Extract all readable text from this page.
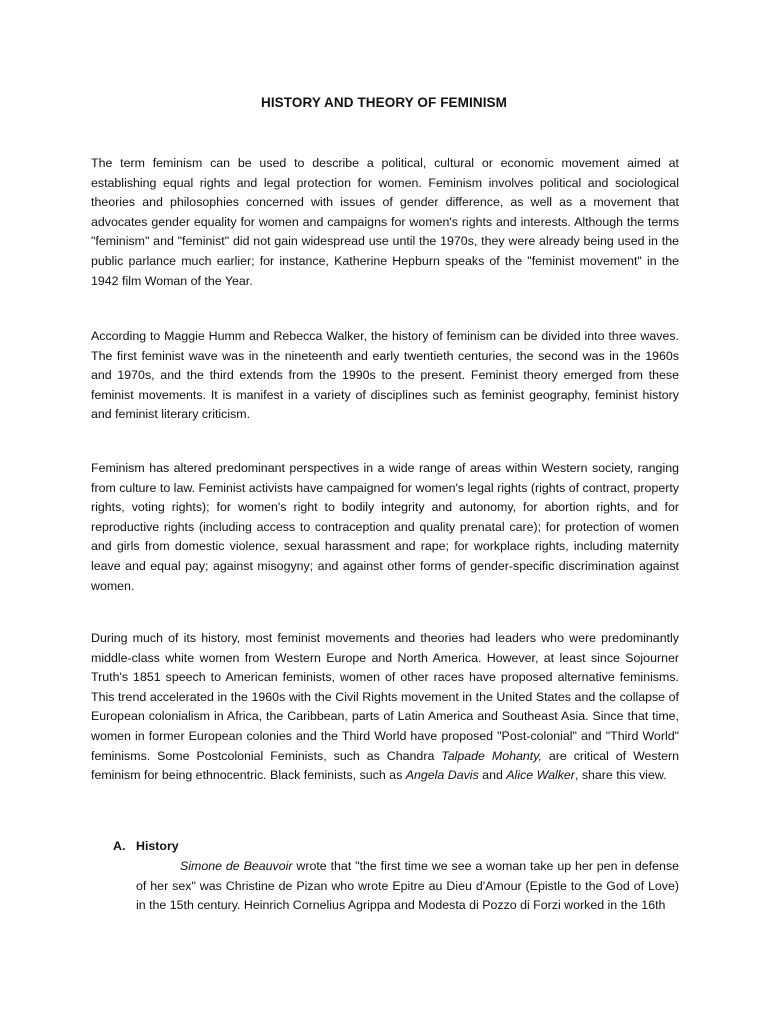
HISTORY AND THEORY OF FEMINISM
The term feminism can be used to describe a political, cultural or economic movement aimed at establishing equal rights and legal protection for women. Feminism involves political and sociological theories and philosophies concerned with issues of gender difference, as well as a movement that advocates gender equality for women and campaigns for women's rights and interests. Although the terms "feminism" and "feminist" did not gain widespread use until the 1970s, they were already being used in the public parlance much earlier; for instance, Katherine Hepburn speaks of the "feminist movement" in the 1942 film Woman of the Year.
According to Maggie Humm and Rebecca Walker, the history of feminism can be divided into three waves. The first feminist wave was in the nineteenth and early twentieth centuries, the second was in the 1960s and 1970s, and the third extends from the 1990s to the present. Feminist theory emerged from these feminist movements. It is manifest in a variety of disciplines such as feminist geography, feminist history and feminist literary criticism.
Feminism has altered predominant perspectives in a wide range of areas within Western society, ranging from culture to law. Feminist activists have campaigned for women's legal rights (rights of contract, property rights, voting rights); for women's right to bodily integrity and autonomy, for abortion rights, and for reproductive rights (including access to contraception and quality prenatal care); for protection of women and girls from domestic violence, sexual harassment and rape; for workplace rights, including maternity leave and equal pay; against misogyny; and against other forms of gender-specific discrimination against women.
During much of its history, most feminist movements and theories had leaders who were predominantly middle-class white women from Western Europe and North America. However, at least since Sojourner Truth's 1851 speech to American feminists, women of other races have proposed alternative feminisms. This trend accelerated in the 1960s with the Civil Rights movement in the United States and the collapse of European colonialism in Africa, the Caribbean, parts of Latin America and Southeast Asia. Since that time, women in former European colonies and the Third World have proposed "Post-colonial" and "Third World" feminisms. Some Postcolonial Feminists, such as Chandra Talpade Mohanty, are critical of Western feminism for being ethnocentric. Black feminists, such as Angela Davis and Alice Walker, share this view.
A. History
Simone de Beauvoir wrote that "the first time we see a woman take up her pen in defense of her sex" was Christine de Pizan who wrote Epitre au Dieu d'Amour (Epistle to the God of Love) in the 15th century. Heinrich Cornelius Agrippa and Modesta di Pozzo di Forzi worked in the 16th
